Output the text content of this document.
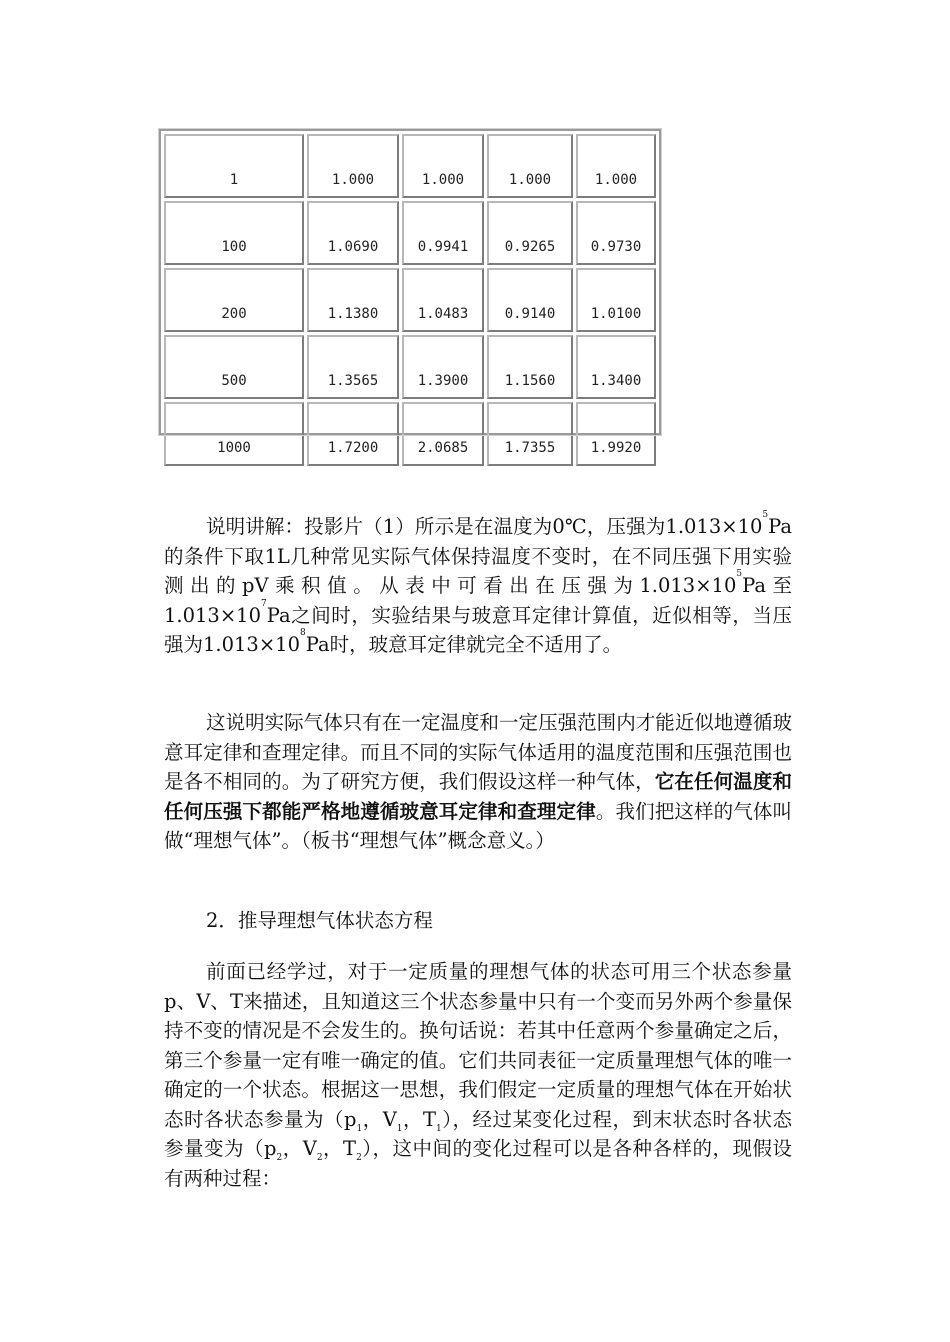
1	1.000	1.000	1.000	1.000
100	1.0690	0.9941	0.9265	0.9730
200	1.1380	1.0483	0.9140	1.0100
500	1.3565	1.3900	1.1560	1.3400
1000	1.7200	2.0685	1.7355	1.9920

说明讲解：投影片（1）所示是在温度为0℃，压强为$1.013\times 10^5Pa$的条件下取1L几种常见实际气体保持温度不变时，在不同压强下用实验测出的pV乘积值。从表中可看出在压强为$1.013\times 10^5Pa$至$1.013\times 10^7Pa$之间时，实验结果与玻意耳定律计算值，近似相等，当压强为$1.013\times 10^8Pa$时，玻意耳定律就完全不适用了。

这说明实际气体只有在一定温度和一定压强范围内才能近似地遵循玻意耳定律和查理定律。而且不同的实际气体适用的温度范围和压强范围也是各不相同的。为了研究方便，我们假设这样一种气体，它在任何温度和任何压强下都能严格地遵循玻意耳定律和查理定律。我们把这样的气体叫做“理想气体”。（板书“理想气体”概念意义。）

2．推导理想气体状态方程

前面已经学过，对于一定质量的理想气体的状态可用三个状态参量p、V、T来描述，且知道这三个状态参量中只有一个变而另外两个参量保持不变的情况是不会发生的。换句话说：若其中任意两个参量确定之后，第三个参量一定有唯一确定的值。它们共同表征一定质量理想气体的唯一确定的一个状态。根据这一思想，我们假定一定质量的理想气体在开始状态时各状态参量为（$p_1$，$V_1$，$T_1$），经过某变化过程，到末状态时各状态参量变为（$p_2$，$V_2$，$T_2$），这中间的变化过程可以是各种各样的，现假设有两种过程：
